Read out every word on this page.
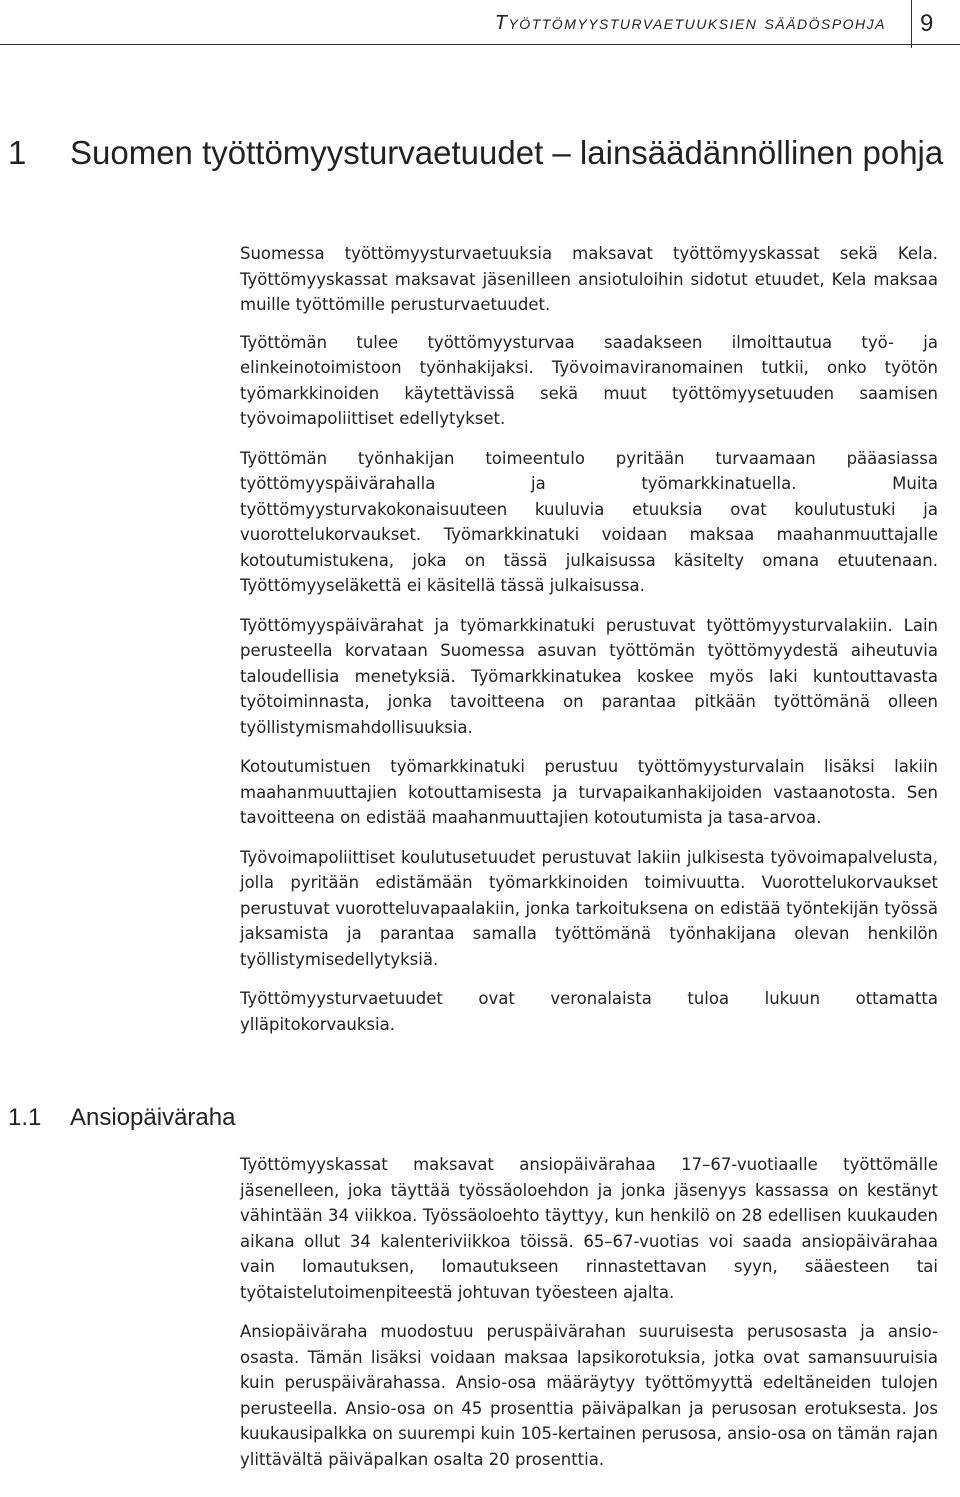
Työttömyysturvaetuuksien säädöspohja 9
1 Suomen työttömyysturvaetuudet – lainsäädännöllinen pohja

Suomessa työttömyysturvaetuuksia maksavat työttömyyskassat sekä Kela. Työttömyyskassat maksavat jäsenilleen ansiotuloihin sidotut etuudet, Kela maksaa muille työttömille perusturvaetuudet.

Työttömän tulee työttömyysturvaa saadakseen ilmoittautua työ- ja elinkeinotoimistoon työnhakijaksi. Työvoimaviranomainen tutkii, onko työtön työmarkkinoiden käytettävissä sekä muut työttömyysetuuden saamisen työvoimapoliittiset edellytykset.

Työttömän työnhakijan toimeentulo pyritään turvaamaan pääasiassa työttömyyspäivärahalla ja työmarkkinatuella. Muita työttömyysturvakokonaisuuteen kuuluvia etuuksia ovat koulutustuki ja vuorottelukorvaukset. Työmarkkinatuki voidaan maksaa maahanmuuttajalle kotoutumistukena, joka on tässä julkaisussa käsitelty omana etuutenaan. Työttömyyseläkettä ei käsitellä tässä julkaisussa.

Työttömyyspäivärahat ja työmarkkinatuki perustuvat työttömyysturvalakiin. Lain perusteella korvataan Suomessa asuvan työttömän työttömyydestä aiheutuvia taloudellisia menetyksiä. Työmarkkinatukea koskee myös laki kuntouttavasta työtoiminnasta, jonka tavoitteena on parantaa pitkään työttömänä olleen työllistymismahdollisuuksia.

Kotoutumistuen työmarkkinatuki perustuu työttömyysturvalain lisäksi lakiin maahanmuuttajien kotouttamisesta ja turvapaikanhakijoiden vastaanotosta. Sen tavoitteena on edistää maahanmuuttajien kotoutumista ja tasa-arvoa.

Työvoimapoliittiset koulutusetuudet perustuvat lakiin julkisesta työvoimapalvelusta, jolla pyritään edistämään työmarkkinoiden toimivuutta. Vuorottelukorvaukset perustuvat vuorotteluvapaalakiin, jonka tarkoituksena on edistää työntekijän työssä jaksamista ja parantaa samalla työttömänä työnhakijana olevan henkilön työllistymisedellytyksiä.

Työttömyysturvaetuudet ovat veronalaista tuloa lukuun ottamatta ylläpitokorvauksia.

1.1 Ansiopäiväraha

Työttömyyskassat maksavat ansiopäivärahaa 17–67-vuotiaalle työttömälle jäsenelleen, joka täyttää työssäoloehdon ja jonka jäsenyys kassassa on kestänyt vähintään 34 viikkoa. Työssäoloehto täyttyy, kun henkilö on 28 edellisen kuukauden aikana ollut 34 kalenteriviikkoa töissä. 65–67-vuotias voi saada ansiopäivärahaa vain lomautuksen, lomautukseen rinnastettavan syyn, sääesteen tai työtaistelutoimenpiteestä johtuvan työesteen ajalta.

Ansiopäiväraha muodostuu peruspäivärahan suuruisesta perusosasta ja ansio-osasta. Tämän lisäksi voidaan maksaa lapsikorotuksia, jotka ovat samansuuruisia kuin peruspäivärahassa. Ansio-osa määräytyy työttömyyttä edeltäneiden tulojen perusteella. Ansio-osa on 45 prosenttia päiväpalkan ja perusosan erotuksesta. Jos kuukausipalkka on suurempi kuin 105-kertainen perusosa, ansio-osa on tämän rajan ylittävältä päiväpalkan osalta 20 prosenttia.
